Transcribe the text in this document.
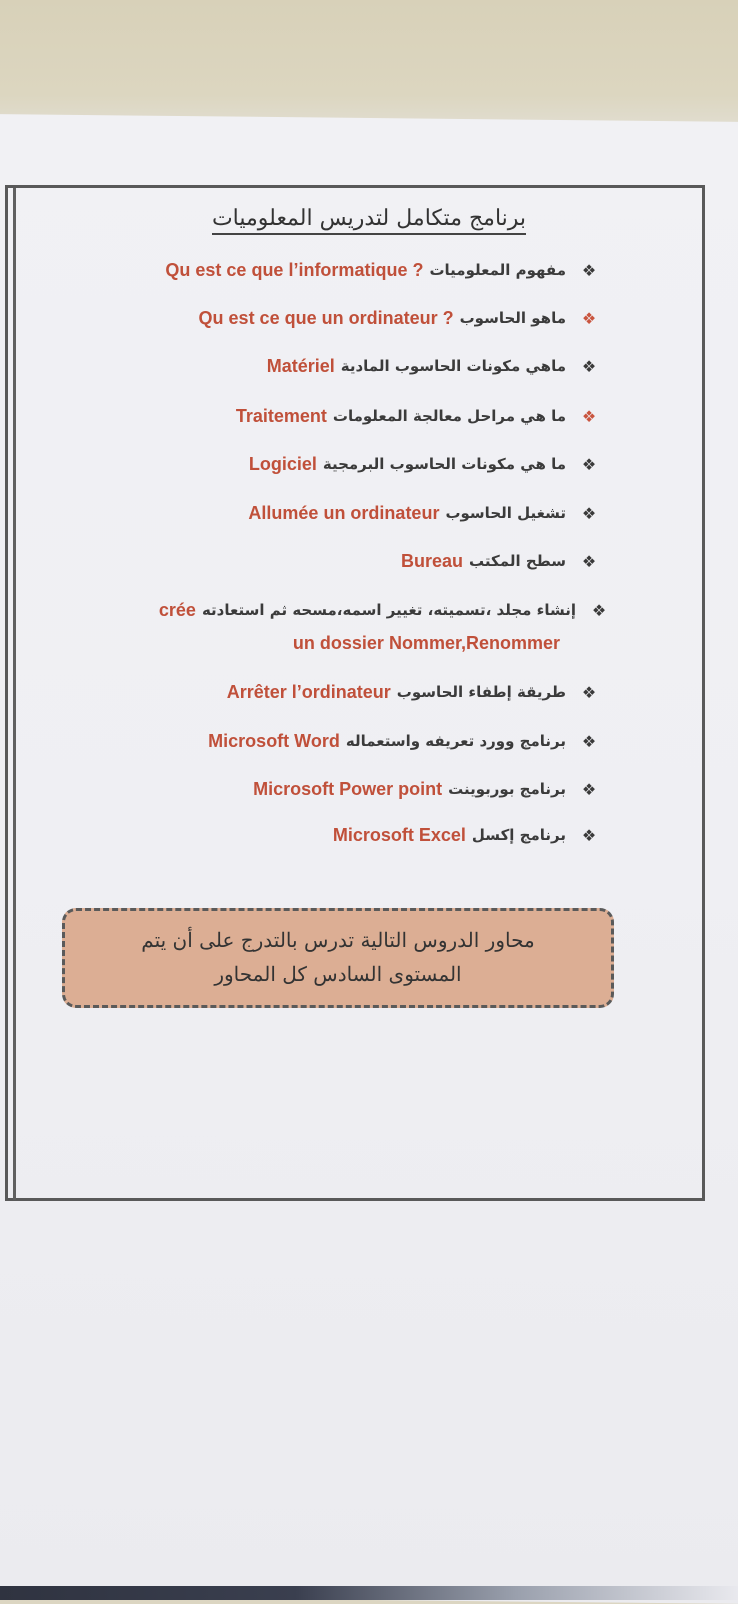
برنامج متكامل لتدريس المعلوميات
❖
مفهوم المعلوميات
Qu est ce que l’informatique ?
❖
ماهو الحاسوب
Qu est ce que un ordinateur ?
❖
ماهي مكونات الحاسوب المادية
Matériel
❖
ما هي مراحل معالجة المعلومات
Traitement
❖
ما هي مكونات الحاسوب البرمجية
Logiciel
❖
تشغيل الحاسوب
Allumée un ordinateur
❖
سطح المكتب
Bureau
❖
إنشاء مجلد ،تسميته، تغيير اسمه،مسحه ثم استعادته
crée
❖
طريقة إطفاء الحاسوب
Arrêter l’ordinateur
❖
برنامج وورد تعريفه واستعماله
Microsoft Word
❖
برنامج بوربوينت
Microsoft Power point
❖
برنامج إكسل
Microsoft Excel
un dossier Nommer,Renommer
محاور الدروس التالية تدرس بالتدرج على أن يتم
المستوى السادس كل المحاور
